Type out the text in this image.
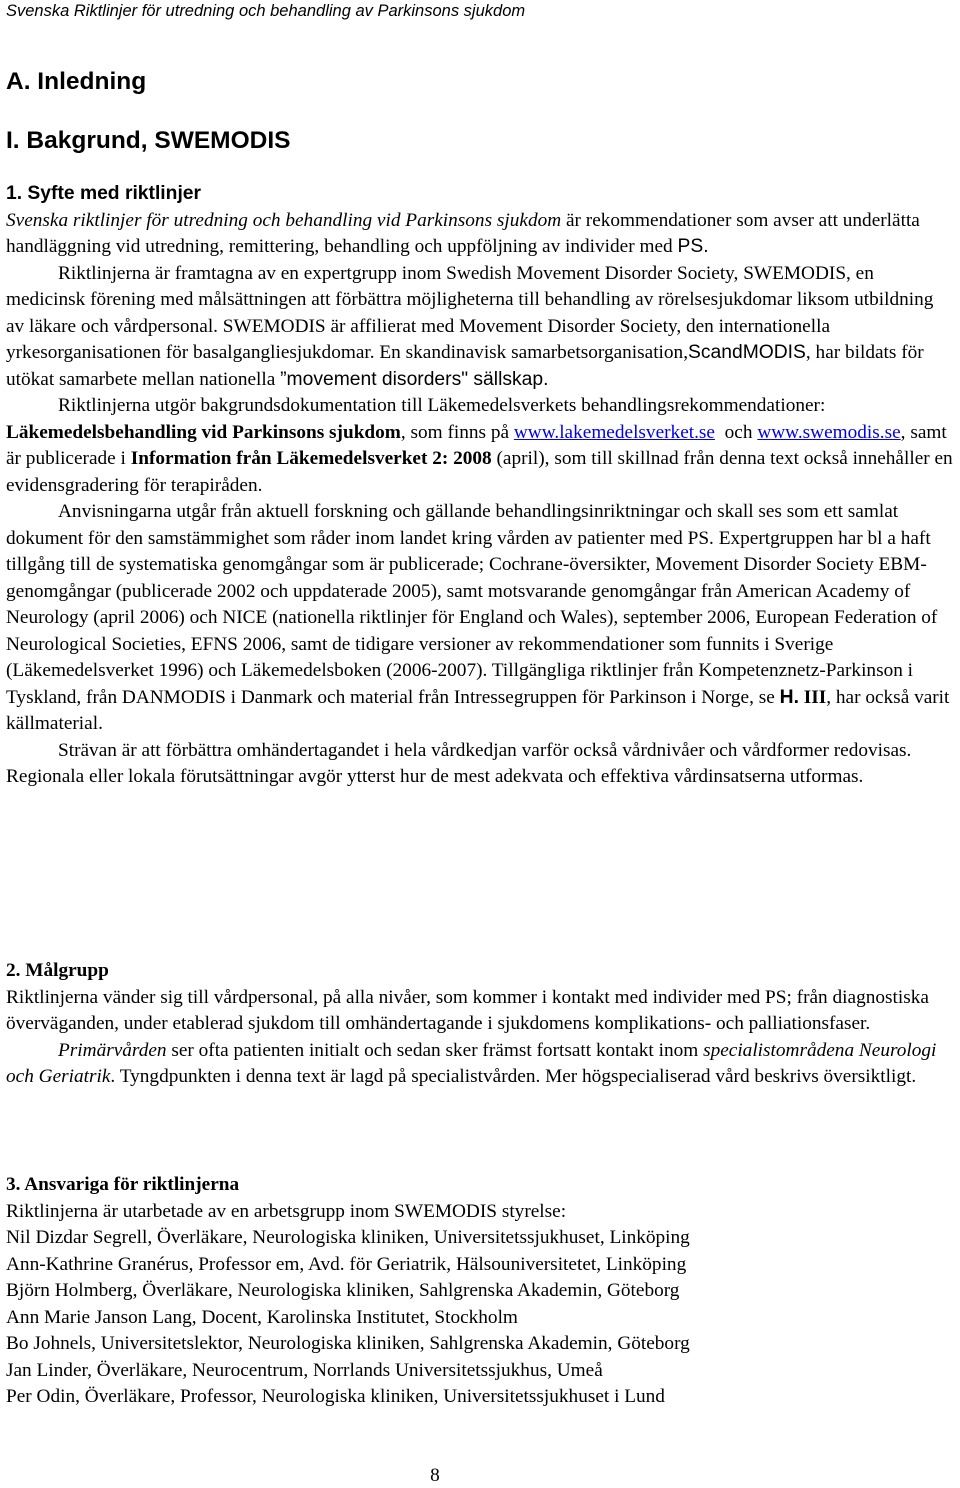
Svenska Riktlinjer för utredning och behandling av Parkinsons sjukdom
A. Inledning
I. Bakgrund, SWEMODIS

1. Syfte med riktlinjer

Svenska riktlinjer för utredning och behandling vid Parkinsons sjukdom är rekommendationer som avser att underlätta handläggning vid utredning, remittering, behandling och uppföljning av individer med PS.

Riktlinjerna är framtagna av en expertgrupp inom Swedish Movement Disorder Society, SWEMODIS, en medicinsk förening med målsättningen att förbättra möjligheterna till behandling av rörelsesjukdomar liksom utbildning av läkare och vårdpersonal. SWEMODIS är affilierat med Movement Disorder Society, den internationella yrkesorganisationen för basalgangliesjukdomar. En skandinavisk samarbetsorganisation,ScandMODIS, har bildats för utökat samarbete mellan nationella ”movement disorders" sällskap.

Riktlinjerna utgör bakgrundsdokumentation till Läkemedelsverkets behandlingsrekommendationer: Läkemedelsbehandling vid Parkinsons sjukdom, som finns på www.lakemedelsverket.se  och www.swemodis.se, samt är publicerade i Information från Läkemedelsverket 2: 2008 (april), som till skillnad från denna text också innehåller en evidensgradering för terapiråden.

Anvisningarna utgår från aktuell forskning och gällande behandlingsinriktningar och skall ses som ett samlat dokument för den samstämmighet som råder inom landet kring vården av patienter med PS. Expertgruppen har bl a haft tillgång till de systematiska genomgångar som är publicerade; Cochrane-översikter, Movement Disorder Society EBM-genomgångar (publicerade 2002 och uppdaterade 2005), samt motsvarande genomgångar från American Academy of Neurology (april 2006) och NICE (nationella riktlinjer för England och Wales), september 2006, European Federation of Neurological Societies, EFNS 2006, samt de tidigare versioner av rekommendationer som funnits i Sverige (Läkemedelsverket 1996) och Läkemedelsboken (2006-2007). Tillgängliga riktlinjer från Kompetenznetz-Parkinson i Tyskland, från DANMODIS i Danmark och material från Intressegruppen för Parkinson i Norge, se H. III, har också varit källmaterial.

Strävan är att förbättra omhändertagandet i hela vårdkedjan varför också vårdnivåer och vårdformer redovisas. Regionala eller lokala förutsättningar avgör ytterst hur de mest adekvata och effektiva vårdinsatserna utformas.

2. Målgrupp

Riktlinjerna vänder sig till vårdpersonal, på alla nivåer, som kommer i kontakt med individer med PS; från diagnostiska överväganden, under etablerad sjukdom till omhändertagande i sjukdomens komplikations- och palliationsfaser.

Primärvården ser ofta patienten initialt och sedan sker främst fortsatt kontakt inom specialistområdena Neurologi och Geriatrik. Tyngdpunkten i denna text är lagd på specialistvården. Mer högspecialiserad vård beskrivs översiktligt.

3. Ansvariga för riktlinjerna

Riktlinjerna är utarbetade av en arbetsgrupp inom SWEMODIS styrelse:

Nil Dizdar Segrell, Överläkare, Neurologiska kliniken, Universitetssjukhuset, Linköping

Ann-Kathrine Granérus, Professor em, Avd. för Geriatrik, Hälsouniversitetet, Linköping

Björn Holmberg, Överläkare, Neurologiska kliniken, Sahlgrenska Akademin, Göteborg

Ann Marie Janson Lang, Docent, Karolinska Institutet, Stockholm

Bo Johnels, Universitetslektor, Neurologiska kliniken, Sahlgrenska Akademin, Göteborg

Jan Linder, Överläkare, Neurocentrum, Norrlands Universitetssjukhus, Umeå

Per Odin, Överläkare, Professor, Neurologiska kliniken, Universitetssjukhuset i Lund

8
